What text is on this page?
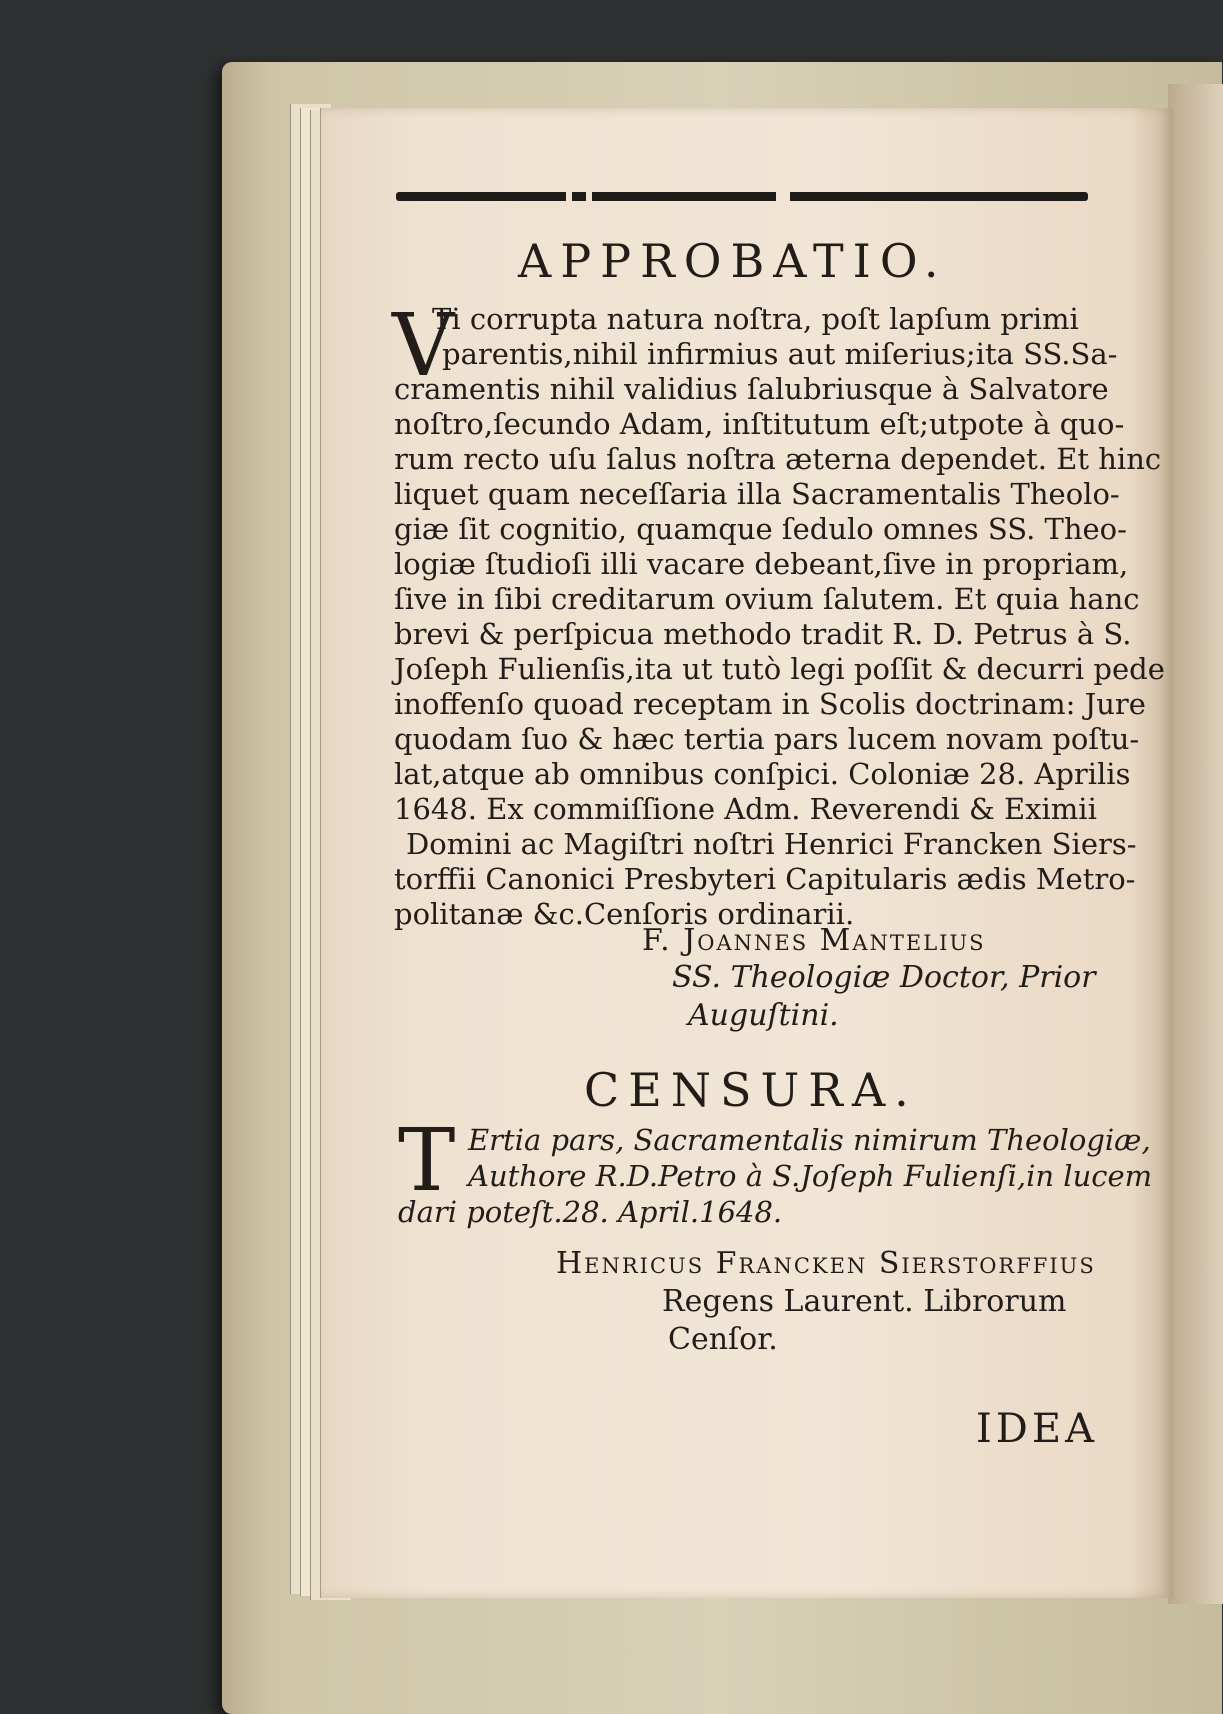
APPROBATIO.
V
Ti corrupta natura noſtra, poſt lapſum primi
parentis,nihil infirmius aut miſerius;ita SS.Sa-
cramentis nihil validius ſalubriusque à Salvatore
noſtro,ſecundo Adam, inſtitutum eſt;utpote à quo-
rum recto uſu ſalus noſtra æterna dependet. Et hinc
liquet quam neceſſaria illa Sacramentalis Theolo-
giæ ſit cognitio, quamque ſedulo omnes SS. Theo-
logiæ ſtudioſi illi vacare debeant,ſive in propriam,
ſive in ſibi creditarum ovium ſalutem. Et quia hanc
brevi & perſpicua methodo tradit R. D. Petrus à S.
Joſeph Fulienſis,ita ut tutò legi poſſit & decurri pede
inoffenſo quoad receptam in Scolis doctrinam: Jure
quodam ſuo & hæc tertia pars lucem novam poſtu-
lat,atque ab omnibus conſpici. Coloniæ 28. Aprilis
1648. Ex commiſſione Adm. Reverendi & Eximii
Domini ac Magiſtri noſtri Henrici Francken Siers-
torffii Canonici Presbyteri Capitularis ædis Metro-
politanæ &c.Cenſoris ordinarii.
F. Joannes Mantelius
SS. Theologiæ Doctor, Prior
Auguſtini.
CENSURA.
T Ertia pars, Sacramentalis nimirum Theologiæ,
Authore R.D.Petro à S.Joſeph Fulienſi,in lucem
dari poteſt.28. April.1648.
Henricus Francken Sierſtorffius
Regens Laurent. Librorum
Cenſor.
IDEA
